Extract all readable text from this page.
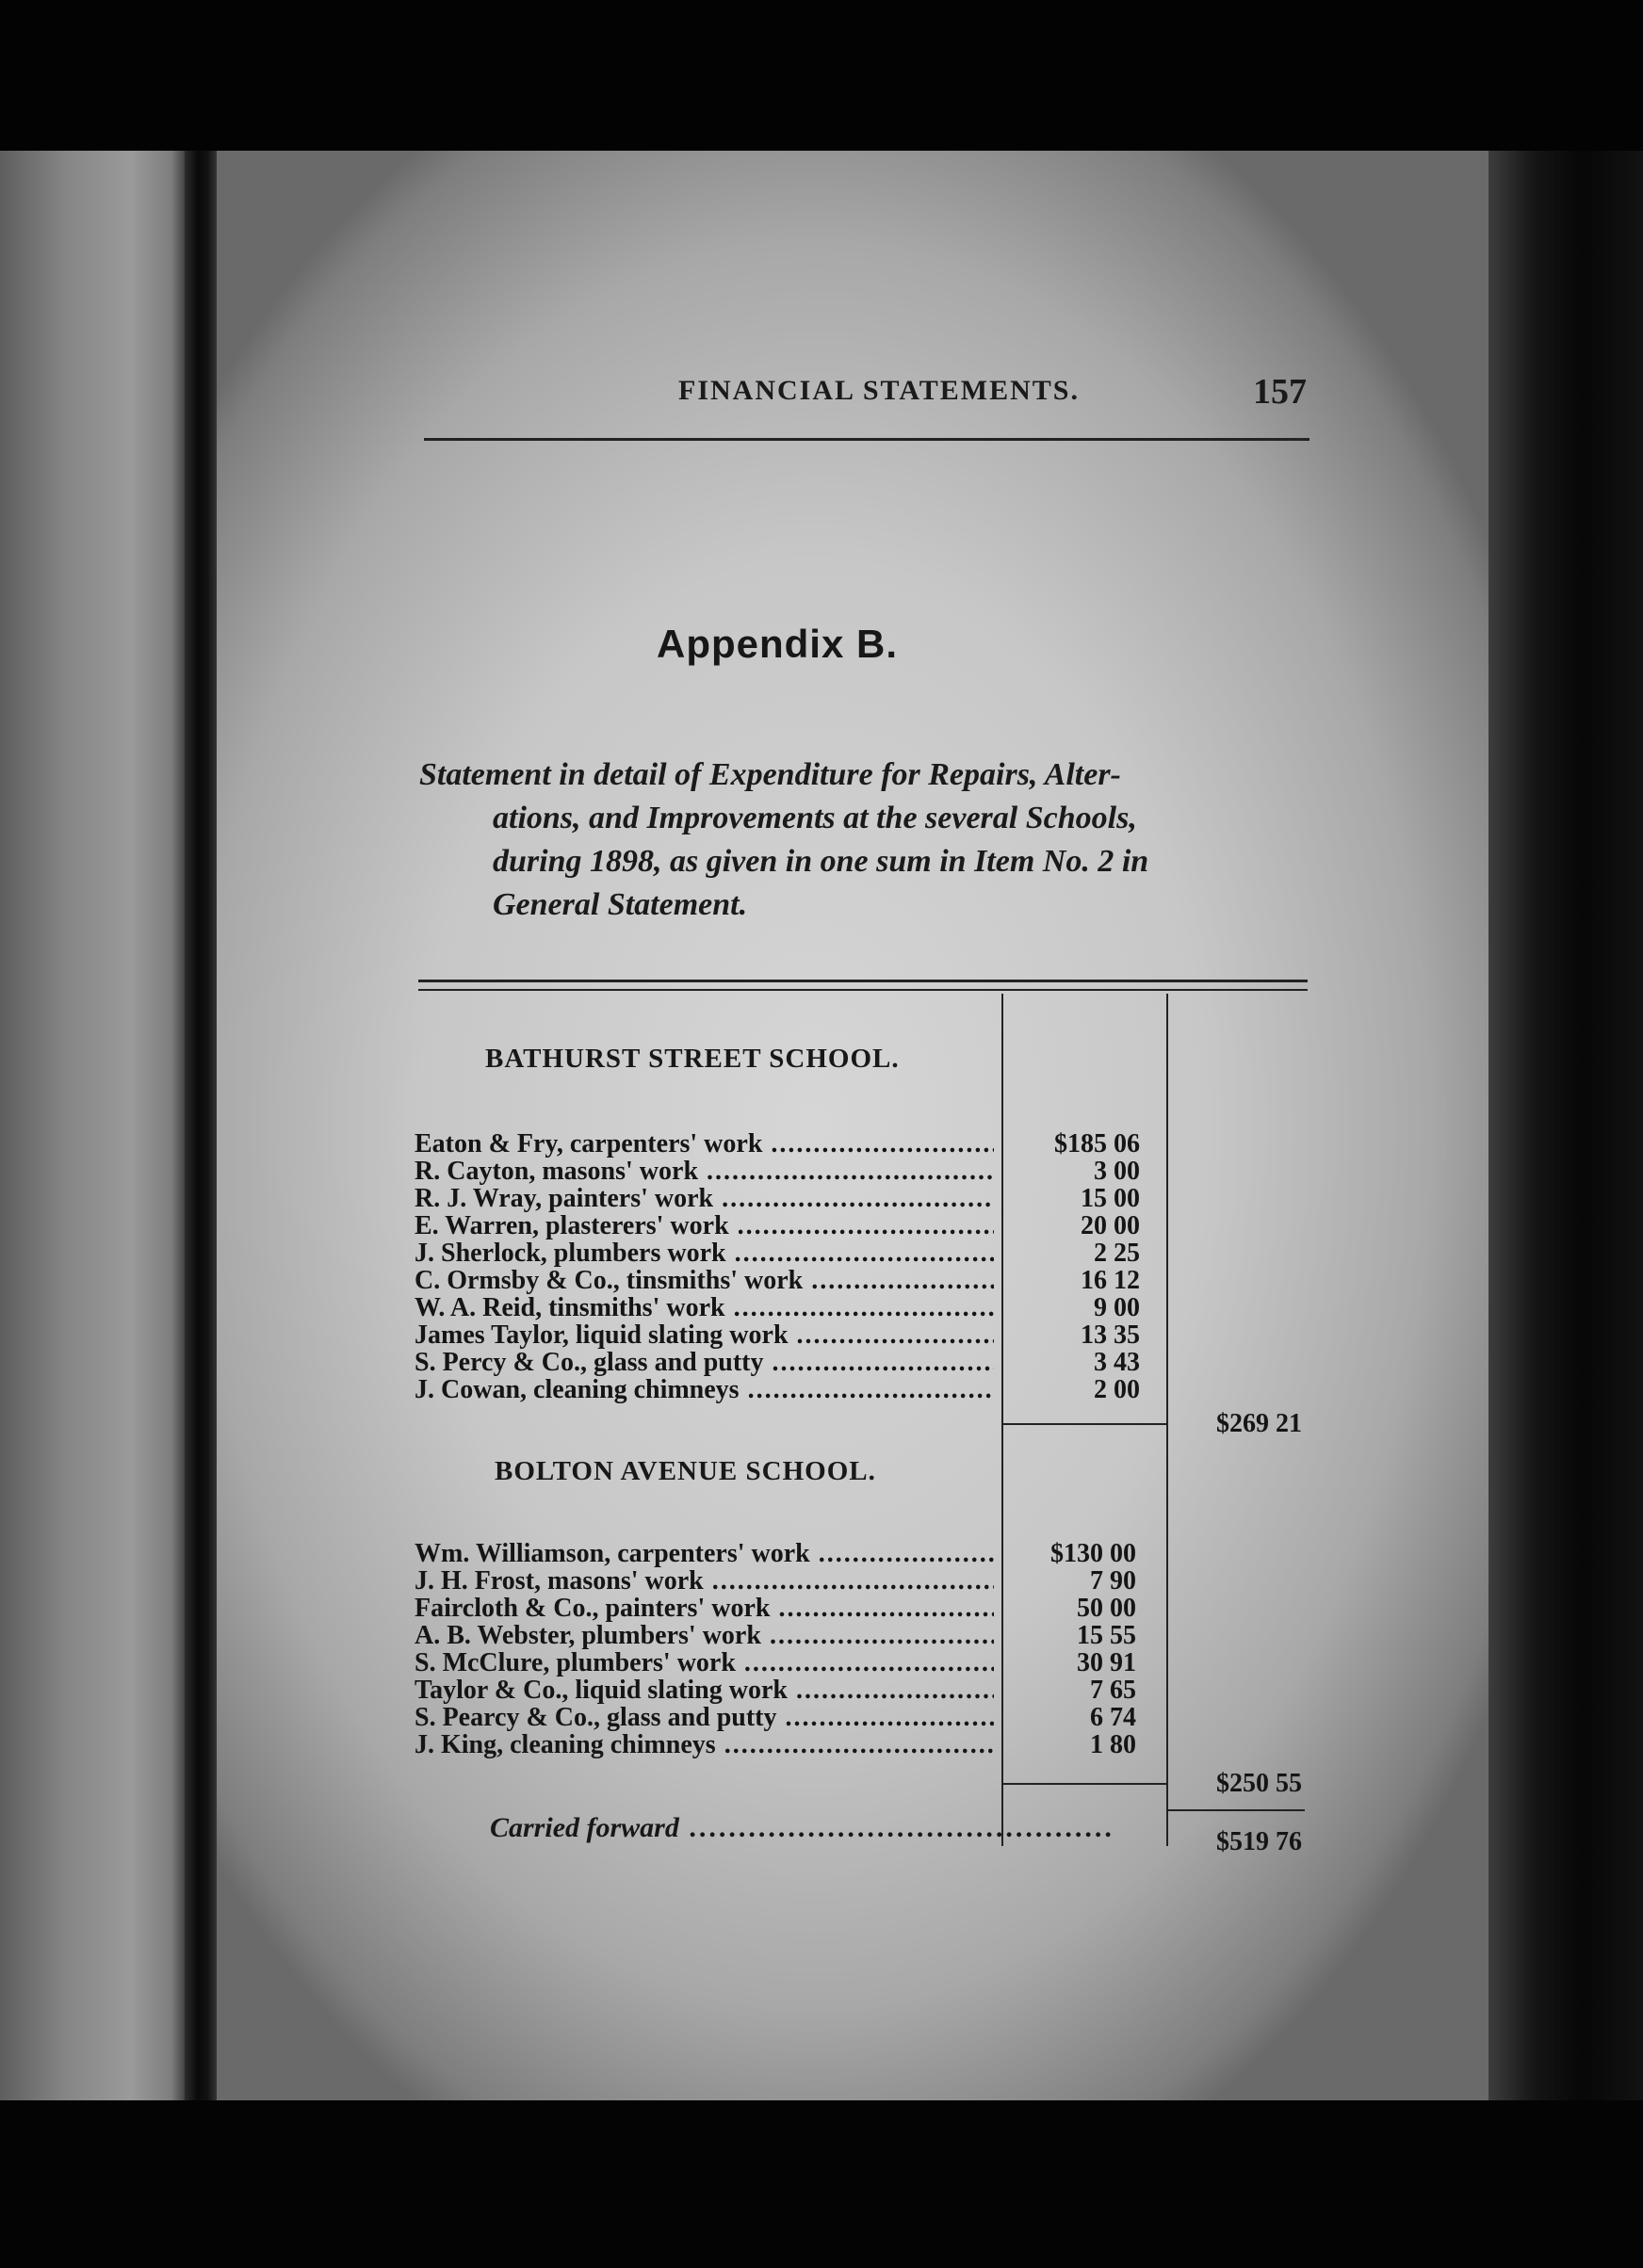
FINANCIAL STATEMENTS.	157
Appendix B.
Statement in detail of Expenditure for Repairs, Alter-
ations, and Improvements at the several Schools,
during 1898, as given in one sum in Item No. 2 in
General Statement.
BATHURST STREET SCHOOL.
Eaton & Fry, carpenters' work .....	$185 06
R. Cayton, masons' work .....	3 00
R. J. Wray, painters' work .....	15 00
E. Warren, plasterers' work .....	20 00
J. Sherlock, plumbers work .....	2 25
C. Ormsby & Co., tinsmiths' work .....	16 12
W. A. Reid, tinsmiths' work .....	9 00
James Taylor, liquid slating work .....	13 35
S. Percy & Co., glass and putty .....	3 43
J. Cowan, cleaning chimneys .....	2 00
$269 21
BOLTON AVENUE SCHOOL.
Wm. Williamson, carpenters' work .....	$130 00
J. H. Frost, masons' work .....	7 90
Faircloth & Co., painters' work .....	50 00
A. B. Webster, plumbers' work .....	15 55
S. McClure, plumbers' work .....	30 91
Taylor & Co., liquid slating work .....	7 65
S. Pearcy & Co., glass and putty .....	6 74
J. King, cleaning chimneys .....	1 80
$250 55
Carried forward .....	$519 76
